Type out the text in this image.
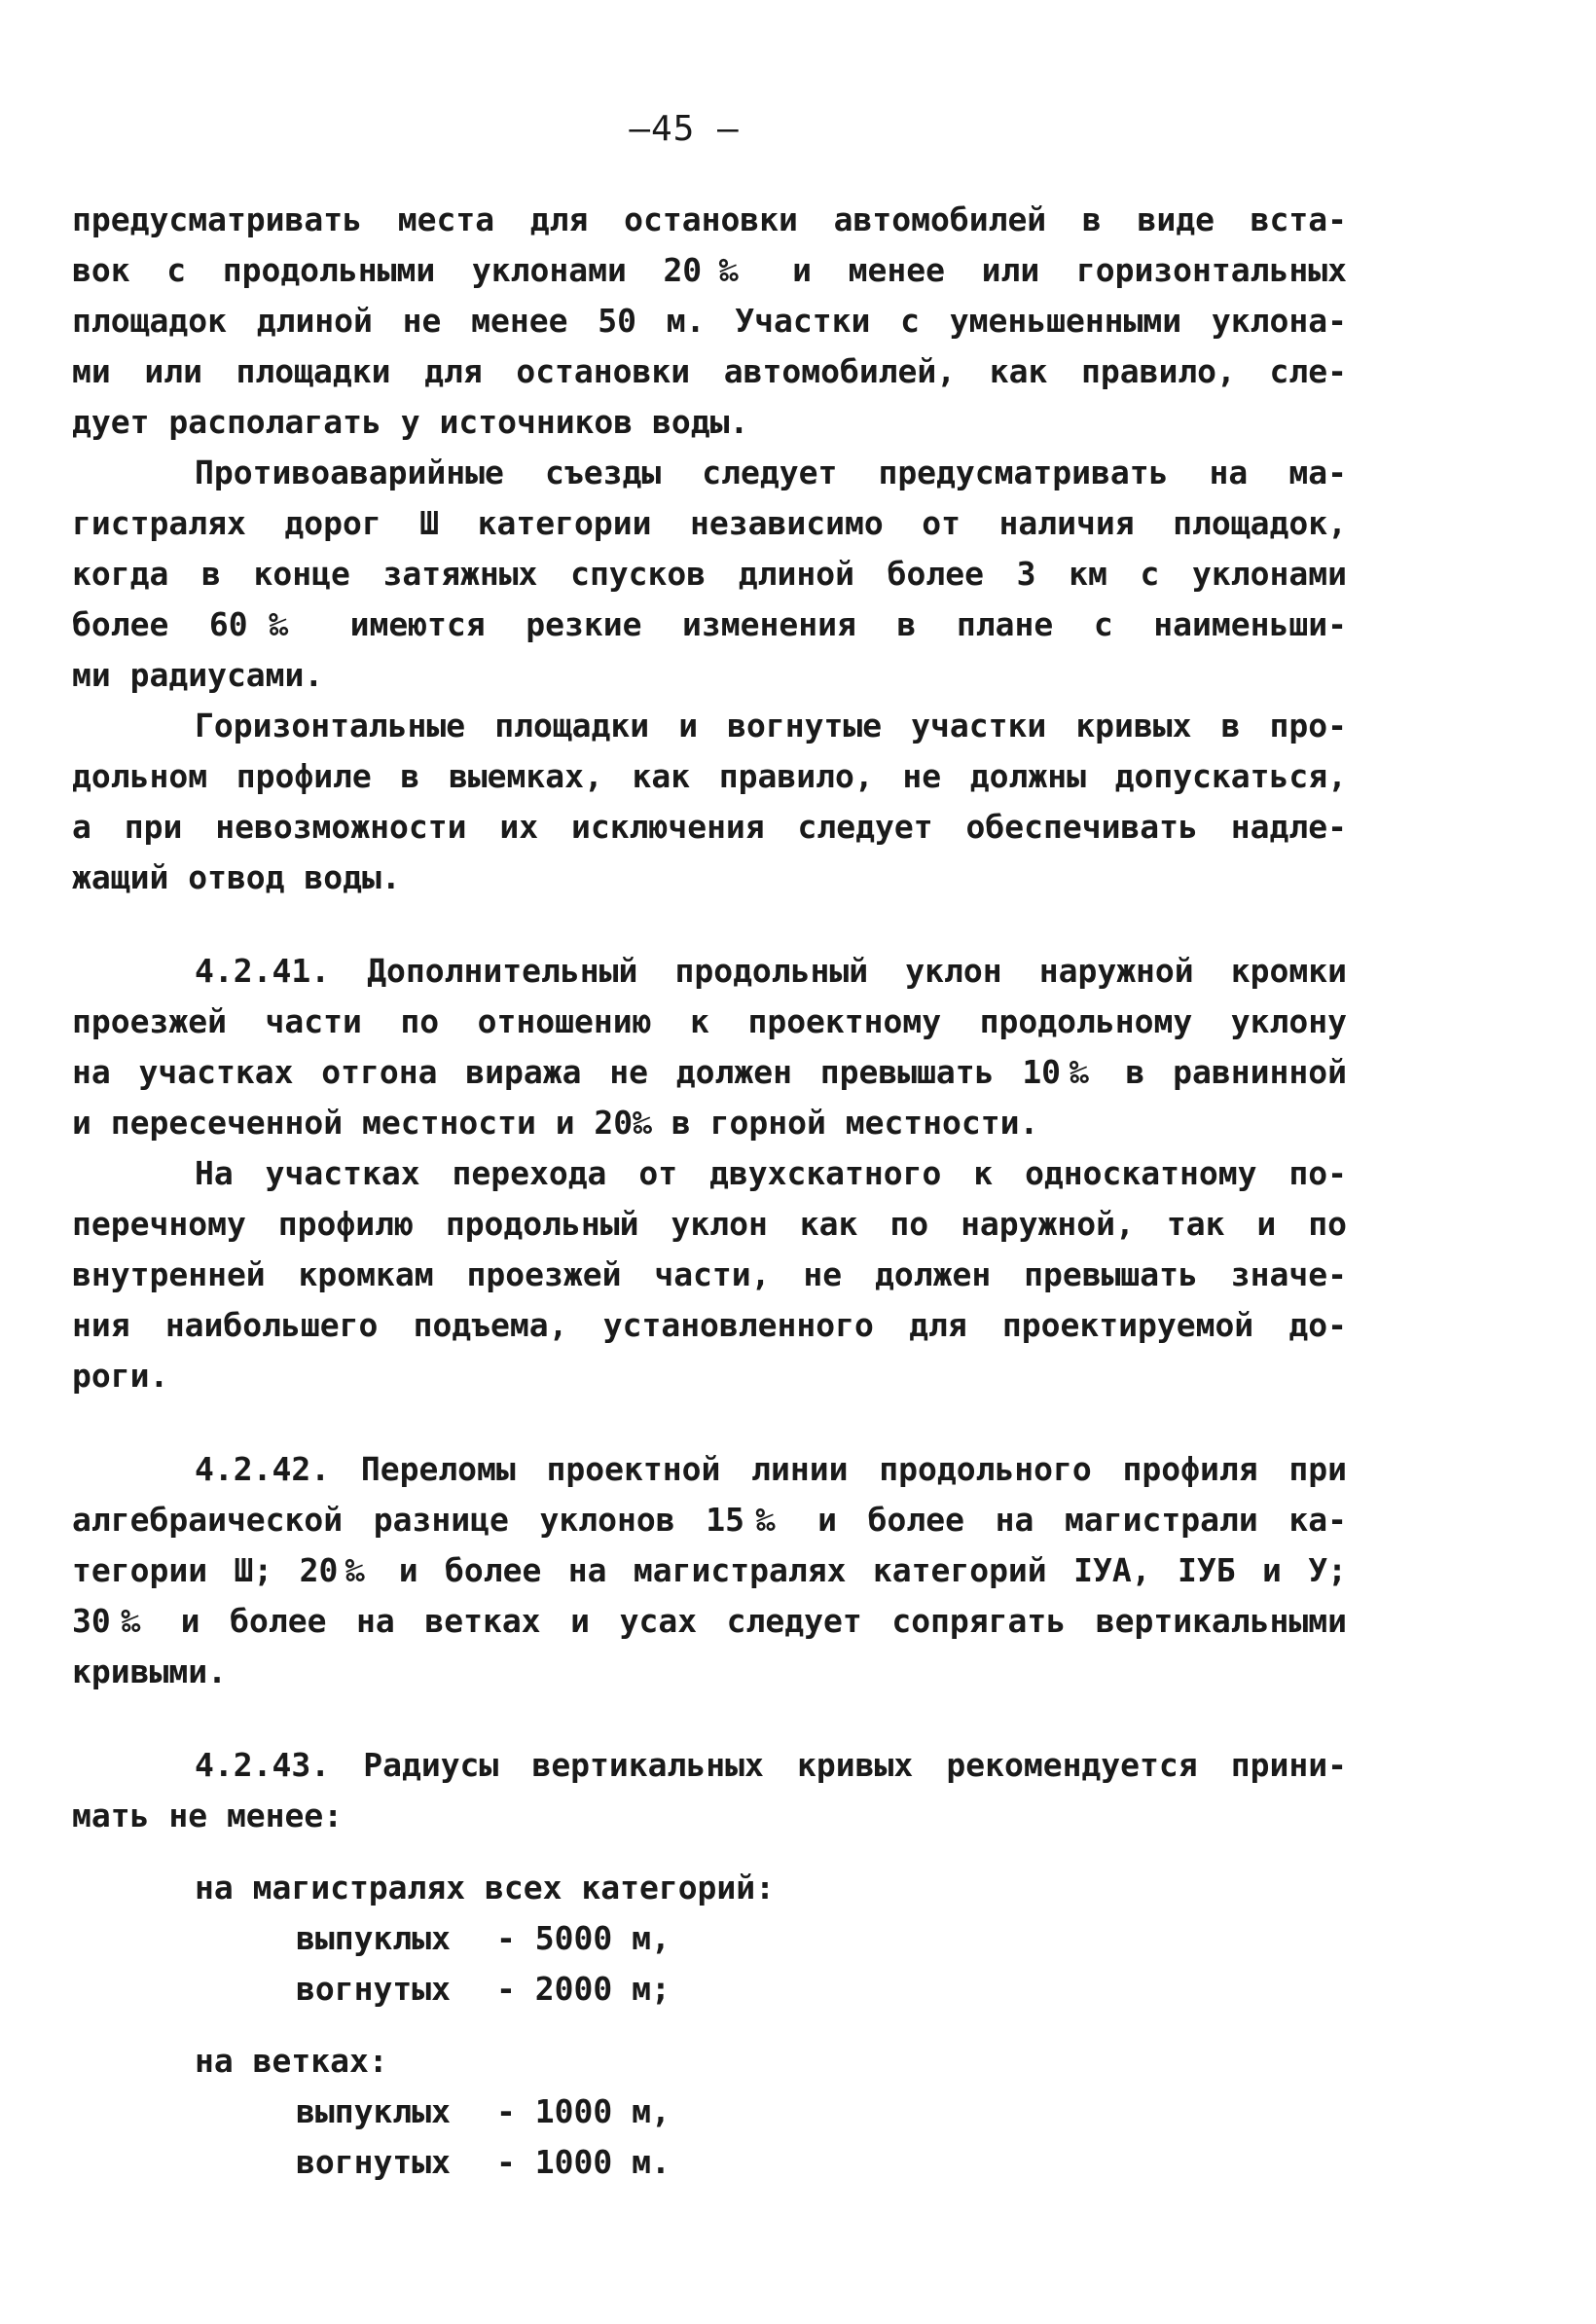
—45 —

предусматривать места для остановки автомобилей в виде вста-
вок с продольными уклонами 20‰ и менее или горизонтальных
площадок длиной не менее 50 м. Участки с уменьшенными уклона-
ми или площадки для остановки автомобилей, как правило, сле-
дует располагать у источников воды.

Противоаварийные съезды следует предусматривать на ма-
гистралях дорог Ш категории независимо от наличия площадок,
когда в конце затяжных спусков длиной более 3 км с уклонами
более 60‰ имеются резкие изменения в плане с наименьши-
ми радиусами.

Горизонтальные площадки и вогнутые участки кривых в про-
дольном профиле в выемках, как правило, не должны допускаться,
а при невозможности их исключения следует обеспечивать надле-
жащий отвод воды.

4.2.41. Дополнительный продольный уклон наружной кромки
проезжей части по отношению к проектному продольному уклону
на участках отгона виража не должен превышать 10‰ в равнинной
и пересеченной местности и 20‰ в горной местности.

На участках перехода от двухскатного к односкатному по-
перечному профилю продольный уклон как по наружной, так и по
внутренней кромкам проезжей части, не должен превышать значе-
ния наибольшего подъема, установленного для проектируемой до-
роги.

4.2.42. Переломы проектной линии продольного профиля при
алгебраической разнице уклонов 15‰ и более на магистрали ка-
тегории Ш; 20‰ и более на магистралях категорий IУА, IУБ и У;
30‰ и более на ветках и усах следует сопрягать вертикальными
кривыми.

4.2.43. Радиусы вертикальных кривых рекомендуется прини-
мать не менее:

на магистралях всех категорий:
выпуклых	- 5000 м,
вогнутых	- 2000 м;
на ветках:
выпуклых	- 1000 м,
вогнутых	- 1000 м.
